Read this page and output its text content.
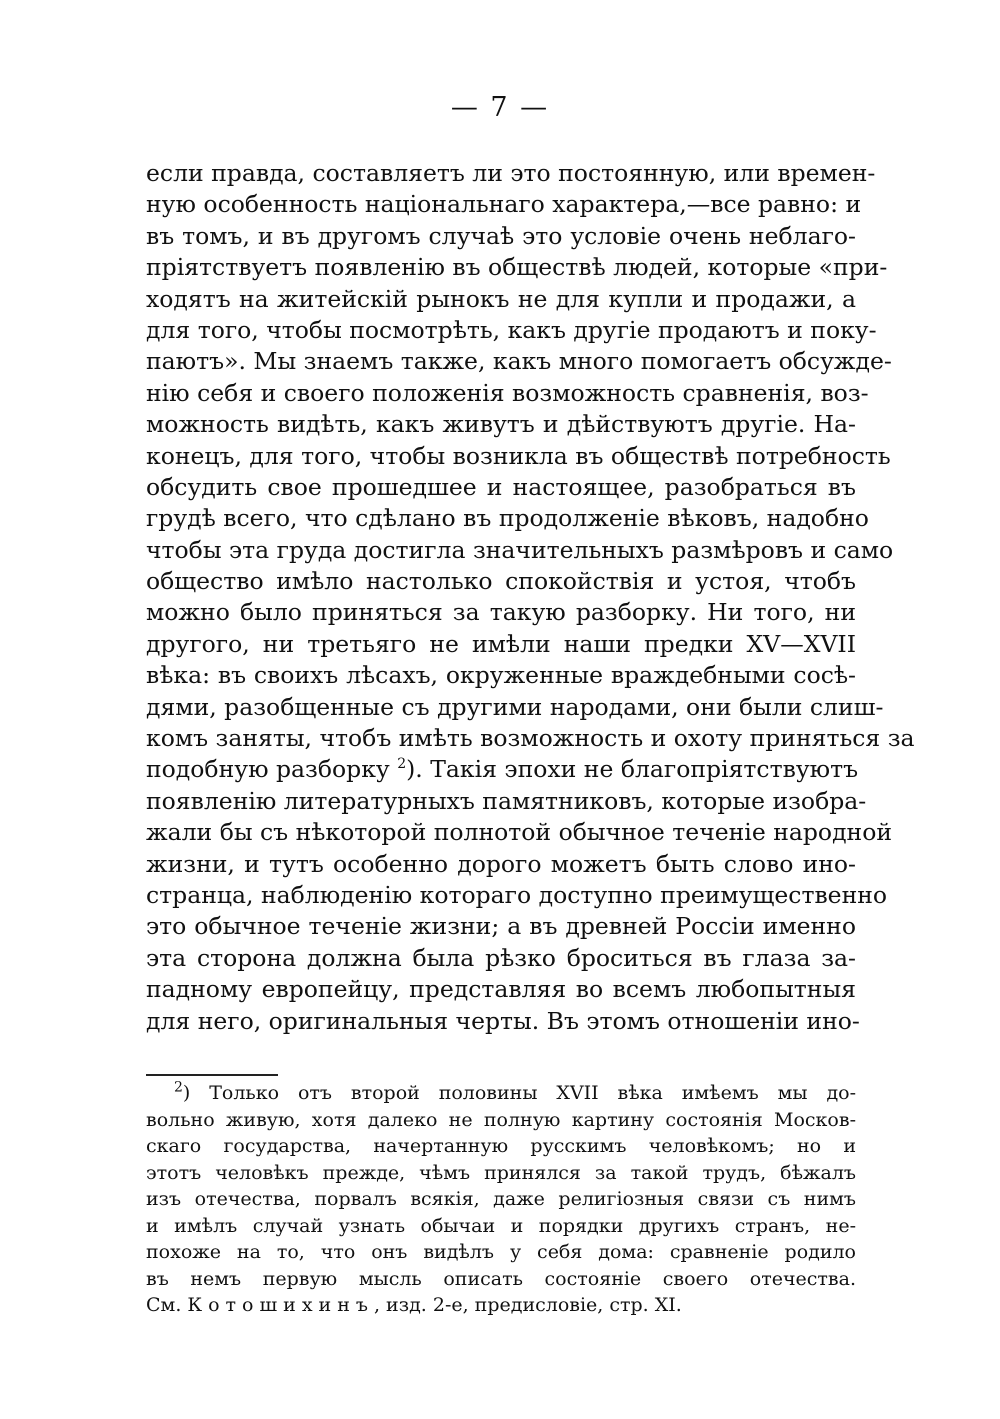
— 7 —
если правда, составляетъ ли это постоянную, или времен-
ную особенность національнаго характера,—все равно: и
въ томъ, и въ другомъ случаѣ это условіе очень неблаго-
пріятствуетъ появленію въ обществѣ людей, которые «при-
ходятъ на житейскій рынокъ не для купли и продажи, а
для того, чтобы посмотрѣть, какъ другіе продаютъ и поку-
паютъ». Мы знаемъ также, какъ много помогаетъ обсужде-
нію себя и своего положенія возможность сравненія, воз-
можность видѣть, какъ живутъ и дѣйствуютъ другіе. На-
конецъ, для того, чтобы возникла въ обществѣ потребность
обсудить свое прошедшее и настоящее, разобраться въ
грудѣ всего, что сдѣлано въ продолженіе вѣковъ, надобно
чтобы эта груда достигла значительныхъ размѣровъ и само
общество имѣло настолько спокойствія и устоя, чтобъ
можно было приняться за такую разборку. Ни того, ни
другого, ни третьяго не имѣли наши предки XV—XVII
вѣка: въ своихъ лѣсахъ, окруженные враждебными сосѣ-
дями, разобщенные съ другими народами, они были слиш-
комъ заняты, чтобъ имѣть возможность и охоту приняться за
подобную разборку $^2$). Такія эпохи не благопріятствуютъ
появленію литературныхъ памятниковъ, которые изобра-
жали бы съ нѣкоторой полнотой обычное теченіе народной
жизни, и тутъ особенно дорого можетъ быть слово ино-
странца, наблюденію котораго доступно преимущественно
это обычное теченіе жизни; а въ древней Россіи именно
эта сторона должна была рѣзко броситься въ глаза за-
падному европейцу, представляя во всемъ любопытныя
для него, оригинальныя черты. Въ этомъ отношеніи ино-
$^2$) Только отъ второй половины XVII вѣка имѣемъ мы до-
вольно живую, хотя далеко не полную картину состоянія Москов-
скаго государства, начертанную русскимъ человѣкомъ; но и
этотъ человѣкъ прежде, чѣмъ принялся за такой трудъ, бѣжалъ
изъ отечества, порвалъ всякія, даже религіозныя связи съ нимъ
и имѣлъ случай узнать обычаи и порядки другихъ странъ, не-
похоже на то, что онъ видѣлъ у себя дома: сравненіе родило
въ немъ первую мысль описать состояніе своего отечества.
См. Котошихинъ, изд. 2-е, предисловіе, стр. XI.
